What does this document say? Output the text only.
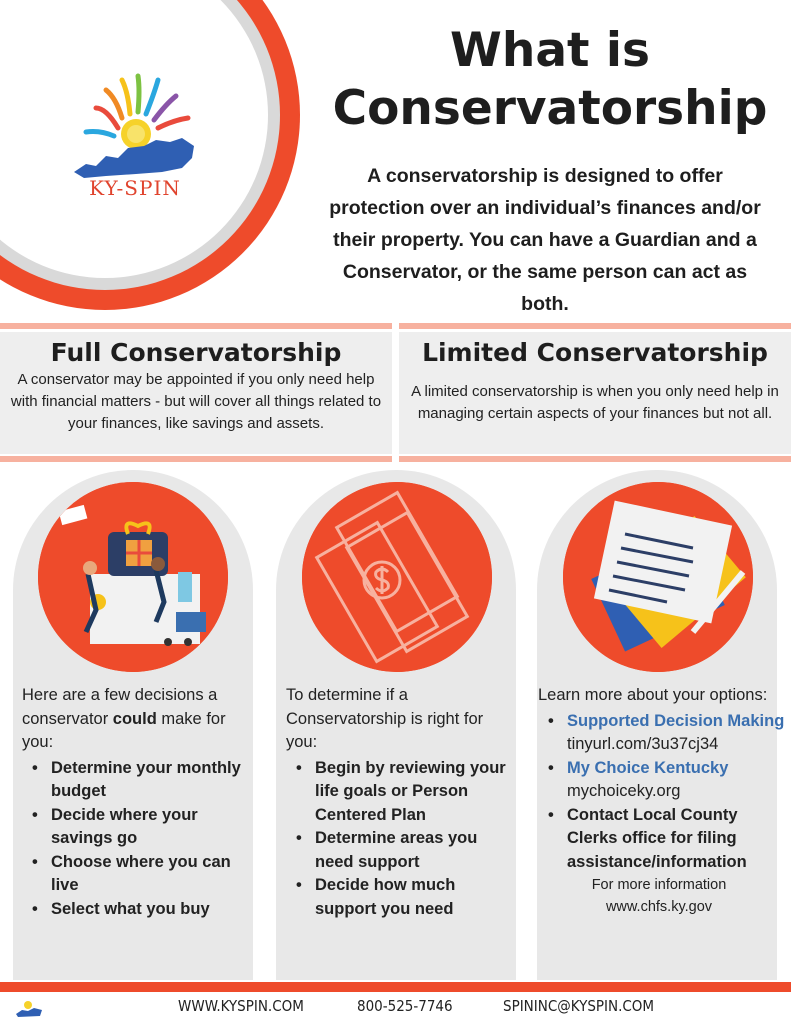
KY-SPIN
What is
Conservatorship

A conservatorship is designed to offer protection over an individual’s finances and/or their property. You can have a Guardian and a Conservator, or the same person can act as both.

Full Conservatorship

A conservator may be appointed if you only need help with financial matters - but will cover all things related to your finances, like savings and assets.

Limited Conservatorship

A limited conservatorship is when you only need help in managing certain aspects of your finances but not all.

Here are a few decisions a conservator could make for you:

• Determine your monthly budget
• Decide where your savings go
• Choose where you can live
• Select what you buy

To determine if a Conservatorship is right for you:

• Begin by reviewing your life goals or Person Centered Plan
• Determine areas you need support
• Decide how much support you need

Learn more about your options:

• Supported Decision Making tinyurl.com/3u37cj34
• My Choice Kentucky
mychoiceky.org
• Contact Local County Clerks office for filing assistance/information

For more information
www.chfs.ky.gov

WWW.KYSPIN.COM	800-525-7746	SPININC@KYSPIN.COM
